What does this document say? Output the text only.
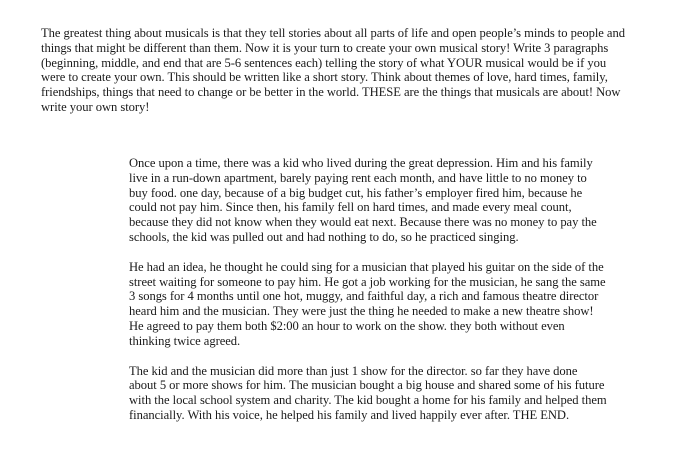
The greatest thing about musicals is that they tell stories about all parts of life and open people’s minds to people and things that might be different than them. Now it is your turn to create your own musical story! Write 3 paragraphs (beginning, middle, and end that are 5-6 sentences each) telling the story of what YOUR musical would be if you were to create your own. This should be written like a short story. Think about themes of love, hard times, family, friendships, things that need to change or be better in the world. THESE are the things that musicals are about! Now write your own story!

Once upon a time, there was a kid who lived during the great depression. Him and his family live in a run-down apartment, barely paying rent each month, and have little to no money to buy food. one day, because of a big budget cut, his father’s employer fired him, because he could not pay him. Since then, his family fell on hard times, and made every meal count, because they did not know when they would eat next. Because there was no money to pay the schools, the kid was pulled out and had nothing to do, so he practiced singing.

He had an idea, he thought he could sing for a musician that played his guitar on the side of the street waiting for someone to pay him. He got a job working for the musician, he sang the same 3 songs for 4 months until one hot, muggy, and faithful day, a rich and famous theatre director heard him and the musician. They were just the thing he needed to make a new theatre show! He agreed to pay them both $2:00 an hour to work on the show. they both without even thinking twice agreed.

The kid and the musician did more than just 1 show for the director. so far they have done about 5 or more shows for him. The musician bought a big house and shared some of his future with the local school system and charity. The kid bought a home for his family and helped them financially. With his voice, he helped his family and lived happily ever after. THE END.
